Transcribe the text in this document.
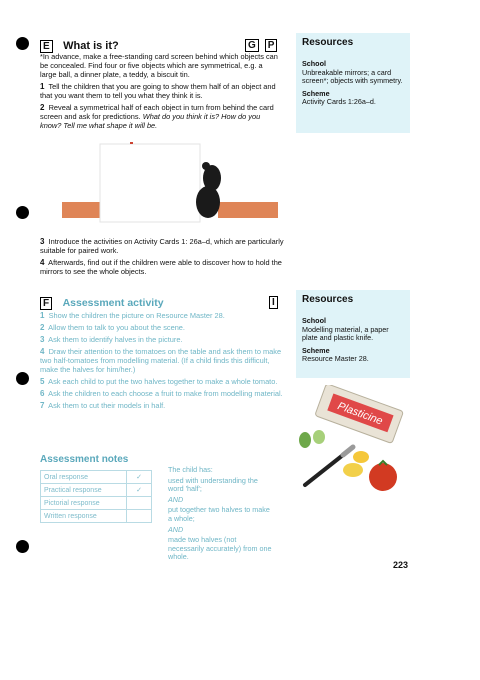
E What is it?	G P
*In advance, make a free-standing card screen behind which objects can be concealed. Find four or five objects which are symmetrical, e.g. a large ball, a dinner plate, a teddy, a biscuit tin.
1 Tell the children that you are going to show them half of an object and that you want them to tell you what they think it is.
2 Reveal a symmetrical half of each object in turn from behind the card screen and ask for predictions. What do you think it is? How do you know? Tell me what shape it will be.
Resources
School
Unbreakable mirrors; a card screen*; objects with symmetry.
Scheme
Activity Cards 1:26a–d.
3 Introduce the activities on Activity Cards 1: 26a–d, which are particularly suitable for paired work.
4 Afterwards, find out if the children were able to discover how to hold the mirrors to see the whole objects.
F Assessment activity	I
1 Show the children the picture on Resource Master 28.
2 Allow them to talk to you about the scene.
3 Ask them to identify halves in the picture.
4 Draw their attention to the tomatoes on the table and ask them to make two half-tomatoes from modelling material. (If a child finds this difficult, make the halves for him/her.)
5 Ask each child to put the two halves together to make a whole tomato.
6 Ask the children to each choose a fruit to make from modelling material.
7 Ask them to cut their models in half.
Resources
School
Modelling material, a paper plate and plastic knife.
Scheme
Resource Master 28.
Plasticine
Assessment notes
Oral response	✓
Practical response	✓
Pictorial response	
Written response	

The child has:

used with understanding the word 'half';

AND

put together two halves to make a whole;

AND

made two halves (not necessarily accurately) from one whole.

223
